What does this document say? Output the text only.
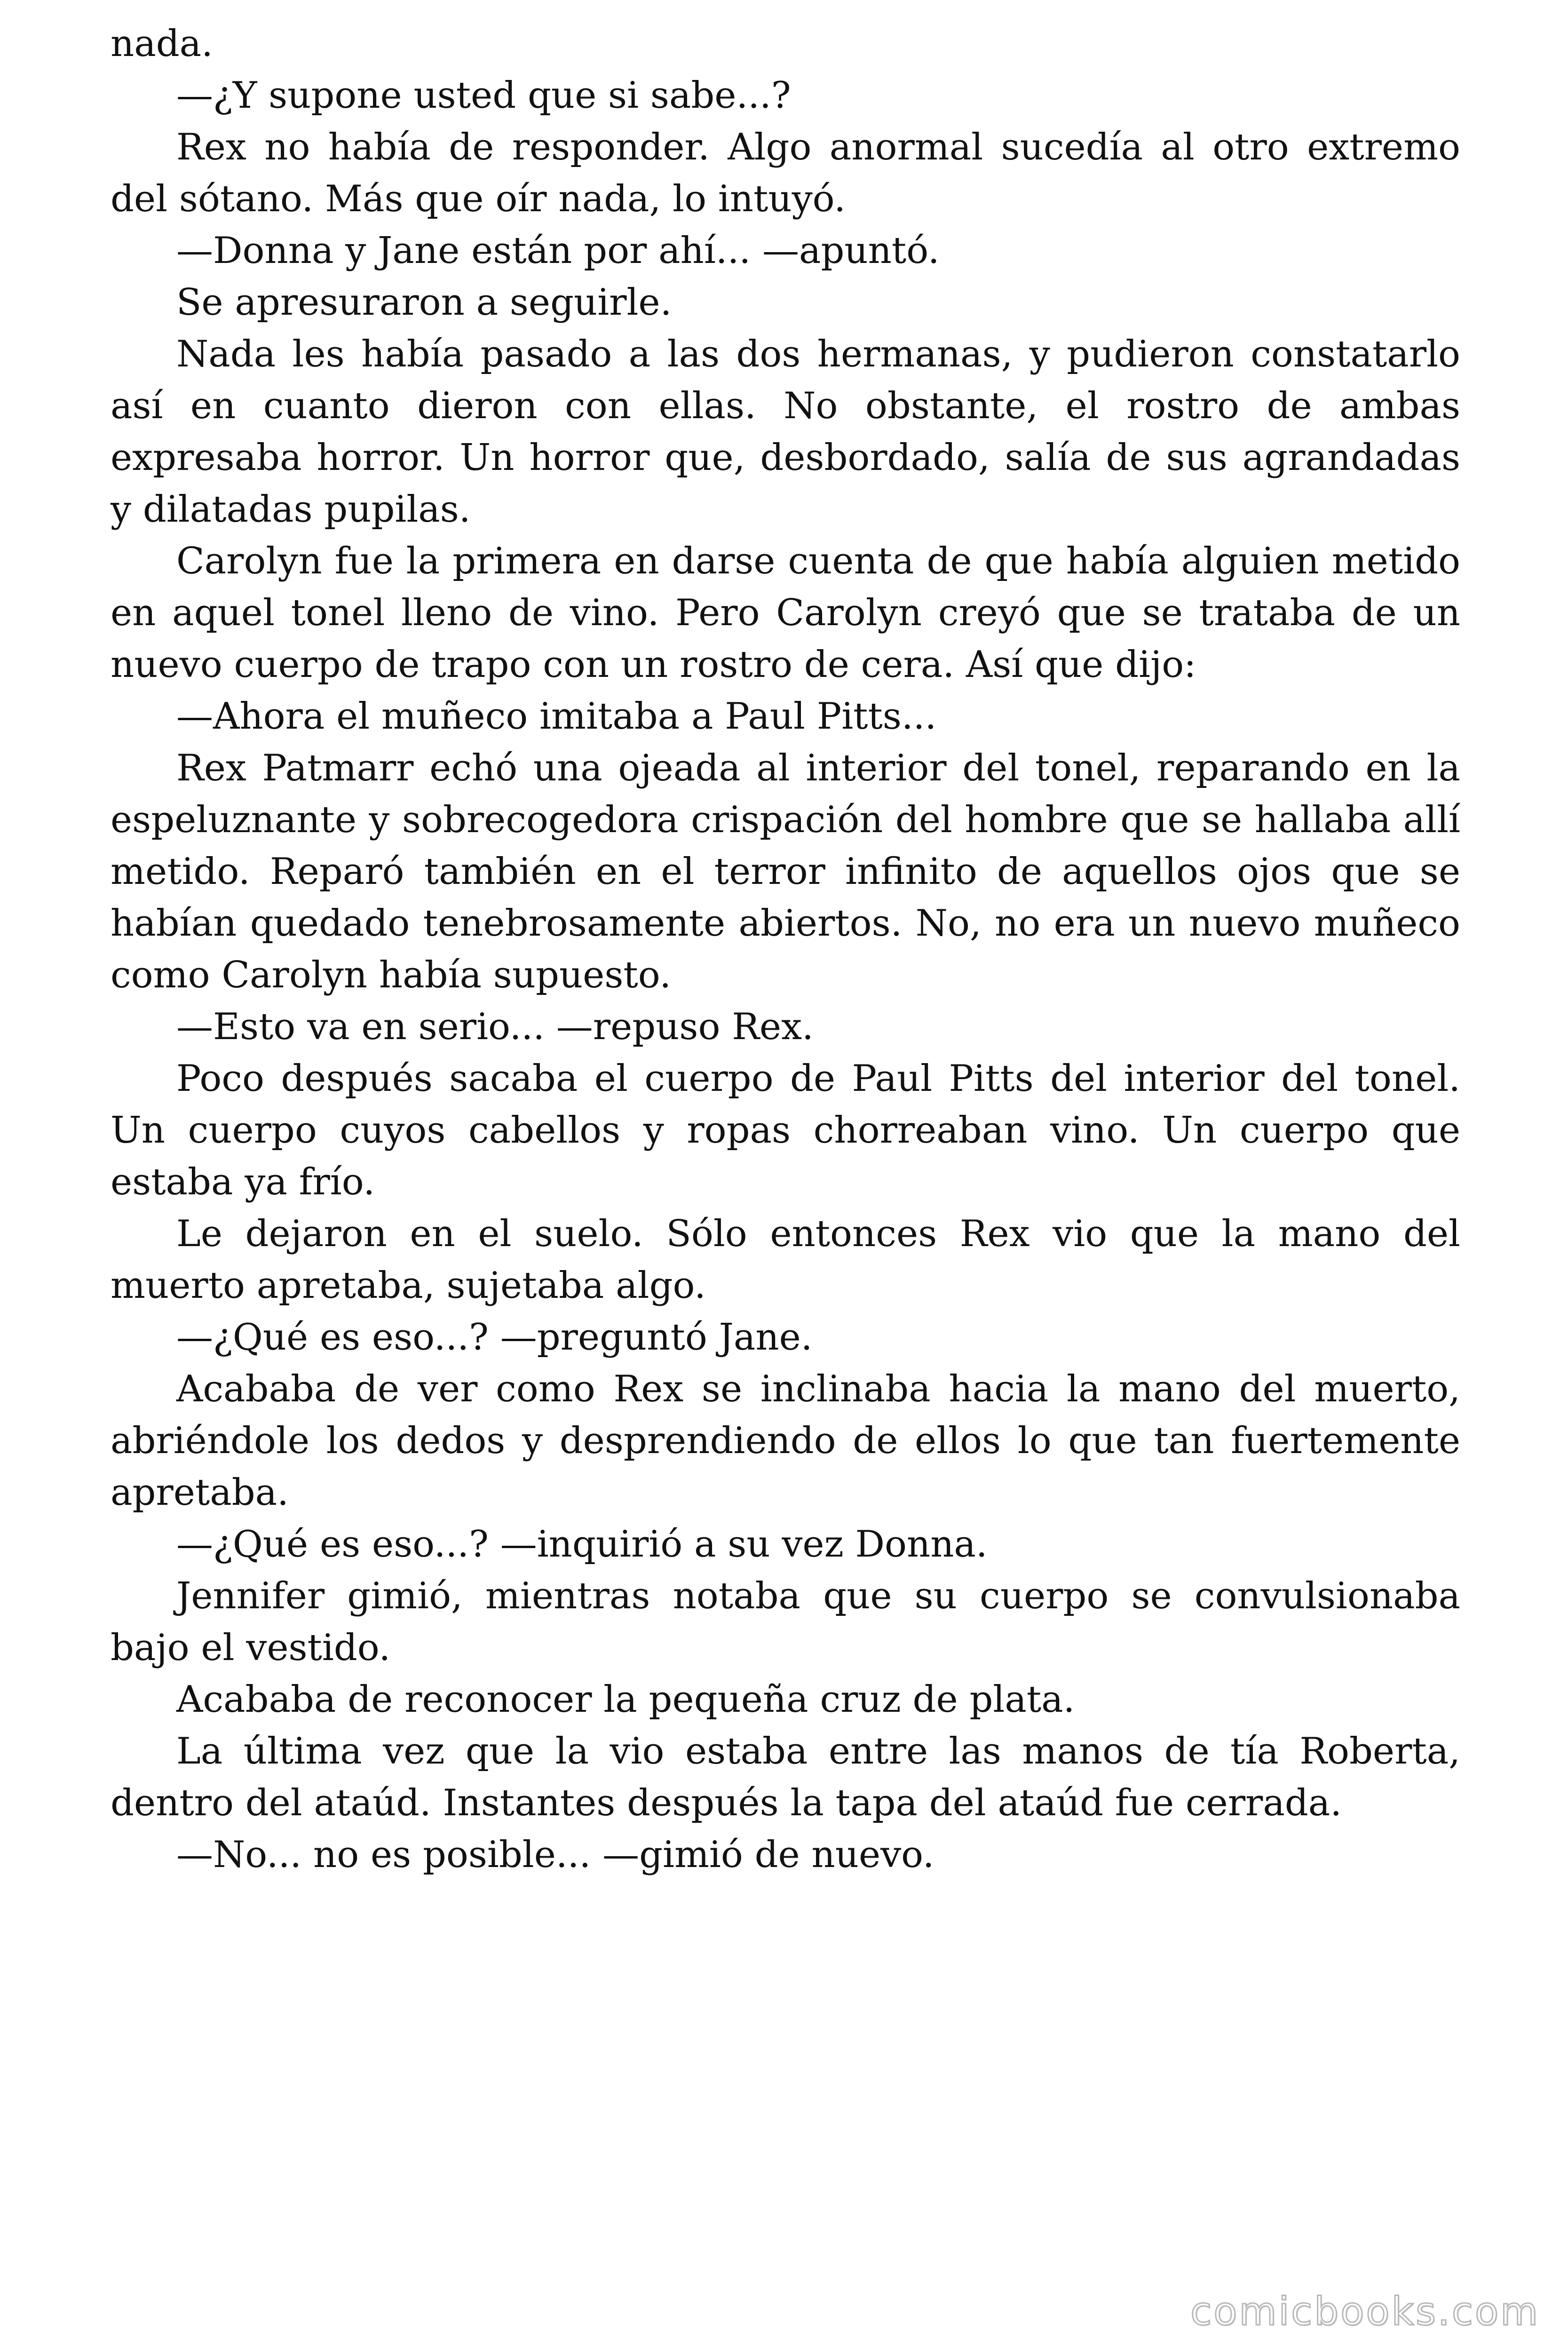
nada.

—¿Y supone usted que si sabe...?

Rex no había de responder. Algo anormal sucedía al otro extremo del sótano. Más que oír nada, lo intuyó.

—Donna y Jane están por ahí... —apuntó.

Se apresuraron a seguirle.

Nada les había pasado a las dos hermanas, y pudieron constatarlo así en cuanto dieron con ellas. No obstante, el rostro de ambas expresaba horror. Un horror que, desbordado, salía de sus agrandadas y dilatadas pupilas.

Carolyn fue la primera en darse cuenta de que había alguien metido en aquel tonel lleno de vino. Pero Carolyn creyó que se trataba de un nuevo cuerpo de trapo con un rostro de cera. Así que dijo:

—Ahora el muñeco imitaba a Paul Pitts...

Rex Patmarr echó una ojeada al interior del tonel, reparando en la espeluznante y sobrecogedora crispación del hombre que se hallaba allí metido. Reparó también en el terror infinito de aquellos ojos que se habían quedado tenebrosamente abiertos. No, no era un nuevo muñeco como Carolyn había supuesto.

—Esto va en serio... —repuso Rex.

Poco después sacaba el cuerpo de Paul Pitts del interior del tonel. Un cuerpo cuyos cabellos y ropas chorreaban vino. Un cuerpo que estaba ya frío.

Le dejaron en el suelo. Sólo entonces Rex vio que la mano del muerto apretaba, sujetaba algo.

—¿Qué es eso...? —preguntó Jane.

Acababa de ver como Rex se inclinaba hacia la mano del muerto, abriéndole los dedos y desprendiendo de ellos lo que tan fuertemente apretaba.

—¿Qué es eso...? —inquirió a su vez Donna.

Jennifer gimió, mientras notaba que su cuerpo se convulsionaba bajo el vestido.

Acababa de reconocer la pequeña cruz de plata.

La última vez que la vio estaba entre las manos de tía Roberta, dentro del ataúd. Instantes después la tapa del ataúd fue cerrada.

—No... no es posible... —gimió de nuevo.

comicbooks.com
